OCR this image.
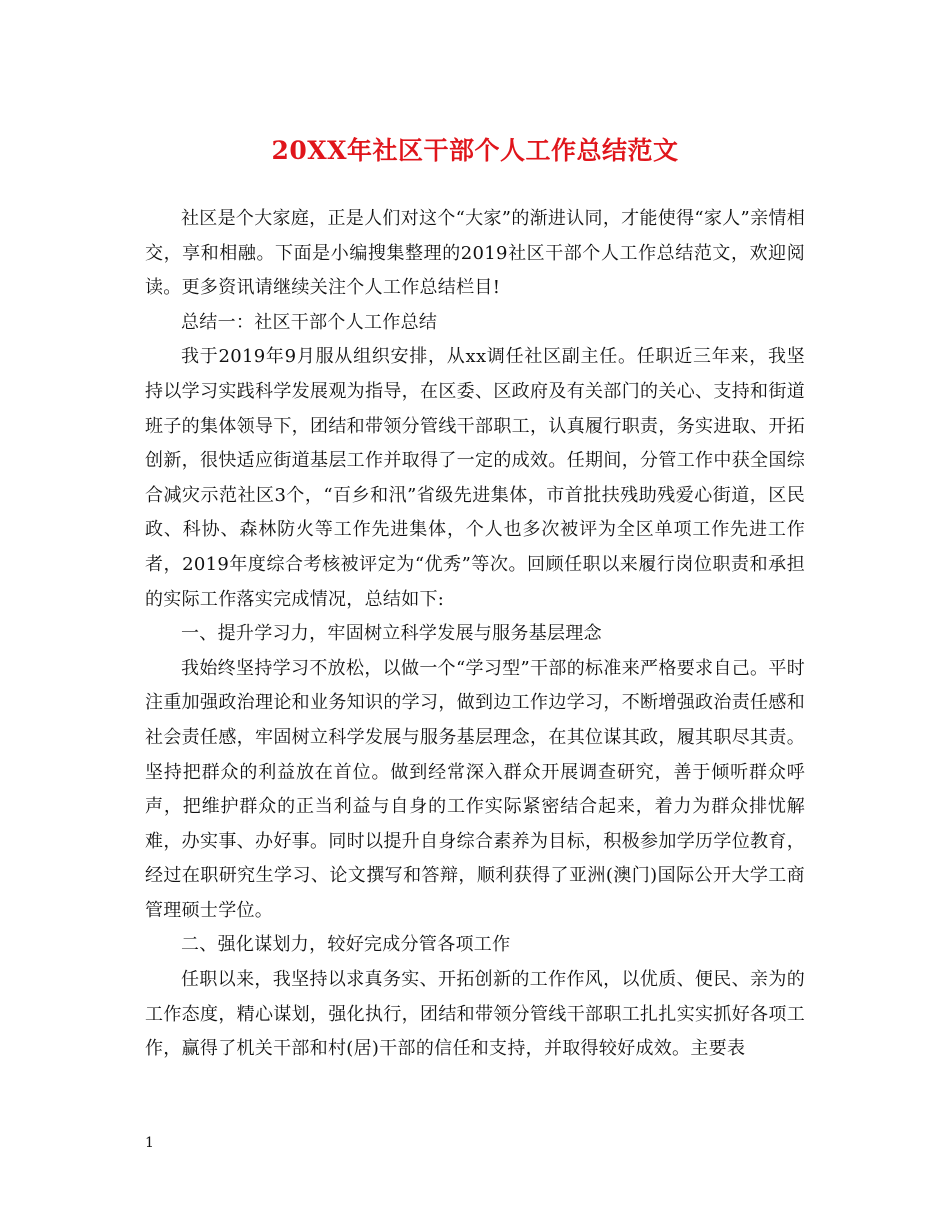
20XX年社区干部个人工作总结范文

社区是个大家庭，正是人们对这个“大家”的渐进认同，才能使得“家人”亲情相交，享和相融。下面是小编搜集整理的2019社区干部个人工作总结范文，欢迎阅读。更多资讯请继续关注个人工作总结栏目!

总结一：社区干部个人工作总结

我于2019年9月服从组织安排，从xx调任社区副主任。任职近三年来，我坚持以学习实践科学发展观为指导，在区委、区政府及有关部门的关心、支持和街道班子的集体领导下，团结和带领分管线干部职工，认真履行职责，务实进取、开拓创新，很快适应街道基层工作并取得了一定的成效。任期间，分管工作中获全国综合减灾示范社区3个，“百乡和汛”省级先进集体，市首批扶残助残爱心街道，区民政、科协、森林防火等工作先进集体，个人也多次被评为全区单项工作先进工作者，2019年度综合考核被评定为“优秀”等次。回顾任职以来履行岗位职责和承担的实际工作落实完成情况，总结如下:

一、提升学习力，牢固树立科学发展与服务基层理念

我始终坚持学习不放松，以做一个“学习型”干部的标准来严格要求自己。平时注重加强政治理论和业务知识的学习，做到边工作边学习，不断增强政治责任感和社会责任感，牢固树立科学发展与服务基层理念，在其位谋其政，履其职尽其责。坚持把群众的利益放在首位。做到经常深入群众开展调查研究，善于倾听群众呼声，把维护群众的正当利益与自身的工作实际紧密结合起来，着力为群众排忧解难，办实事、办好事。同时以提升自身综合素养为目标，积极参加学历学位教育，经过在职研究生学习、论文撰写和答辩，顺利获得了亚洲(澳门)国际公开大学工商管理硕士学位。

二、强化谋划力，较好完成分管各项工作

任职以来，我坚持以求真务实、开拓创新的工作作风，以优质、便民、亲为的工作态度，精心谋划，强化执行，团结和带领分管线干部职工扎扎实实抓好各项工作，赢得了机关干部和村(居)干部的信任和支持，并取得较好成效。主要表

1
